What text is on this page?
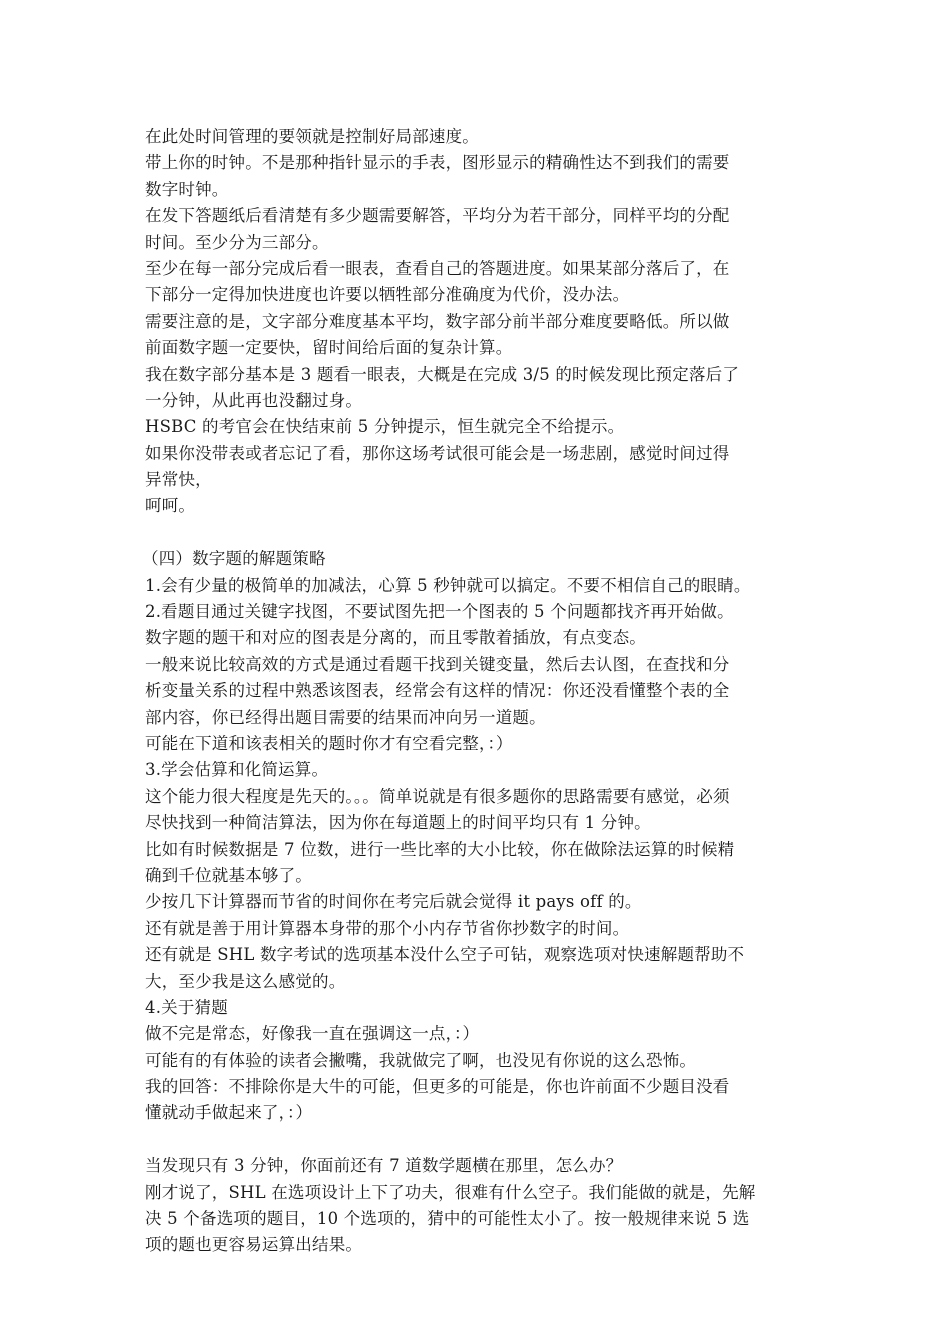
在此处时间管理的要领就是控制好局部速度。
带上你的时钟。不是那种指针显示的手表，图形显示的精确性达不到我们的需要
数字时钟。
在发下答题纸后看清楚有多少题需要解答，平均分为若干部分，同样平均的分配
时间。至少分为三部分。
至少在每一部分完成后看一眼表，查看自己的答题进度。如果某部分落后了，在
下部分一定得加快进度也许要以牺牲部分准确度为代价，没办法。
需要注意的是，文字部分难度基本平均，数字部分前半部分难度要略低。所以做
前面数字题一定要快，留时间给后面的复杂计算。
我在数字部分基本是 3 题看一眼表，大概是在完成 3/5 的时候发现比预定落后了
一分钟，从此再也没翻过身。
HSBC 的考官会在快结束前 5 分钟提示，恒生就完全不给提示。
如果你没带表或者忘记了看，那你这场考试很可能会是一场悲剧，感觉时间过得
异常快，
呵呵。
（四）数字题的解题策略
1.会有少量的极简单的加减法，心算 5 秒钟就可以搞定。不要不相信自己的眼睛。
2.看题目通过关键字找图，不要试图先把一个图表的 5 个问题都找齐再开始做。
数字题的题干和对应的图表是分离的，而且零散着插放，有点变态。
一般来说比较高效的方式是通过看题干找到关键变量，然后去认图，在查找和分
析变量关系的过程中熟悉该图表，经常会有这样的情况：你还没看懂整个表的全
部内容，你已经得出题目需要的结果而冲向另一道题。
可能在下道和该表相关的题时你才有空看完整，：）
3.学会估算和化简运算。
这个能力很大程度是先天的。。。简单说就是有很多题你的思路需要有感觉，必须
尽快找到一种简洁算法，因为你在每道题上的时间平均只有 1 分钟。
比如有时候数据是 7 位数，进行一些比率的大小比较，你在做除法运算的时候精
确到千位就基本够了。
少按几下计算器而节省的时间你在考完后就会觉得 it pays off 的。
还有就是善于用计算器本身带的那个小内存节省你抄数字的时间。
还有就是 SHL 数字考试的选项基本没什么空子可钻，观察选项对快速解题帮助不
大，至少我是这么感觉的。
4.关于猜题
做不完是常态，好像我一直在强调这一点，：）
可能有的有体验的读者会撇嘴，我就做完了啊，也没见有你说的这么恐怖。
我的回答：不排除你是大牛的可能，但更多的可能是，你也许前面不少题目没看
懂就动手做起来了，：）
当发现只有 3 分钟，你面前还有 7 道数学题横在那里，怎么办？
刚才说了，SHL 在选项设计上下了功夫，很难有什么空子。我们能做的就是，先解
决 5 个备选项的题目，10 个选项的，猜中的可能性太小了。按一般规律来说 5 选
项的题也更容易运算出结果。
